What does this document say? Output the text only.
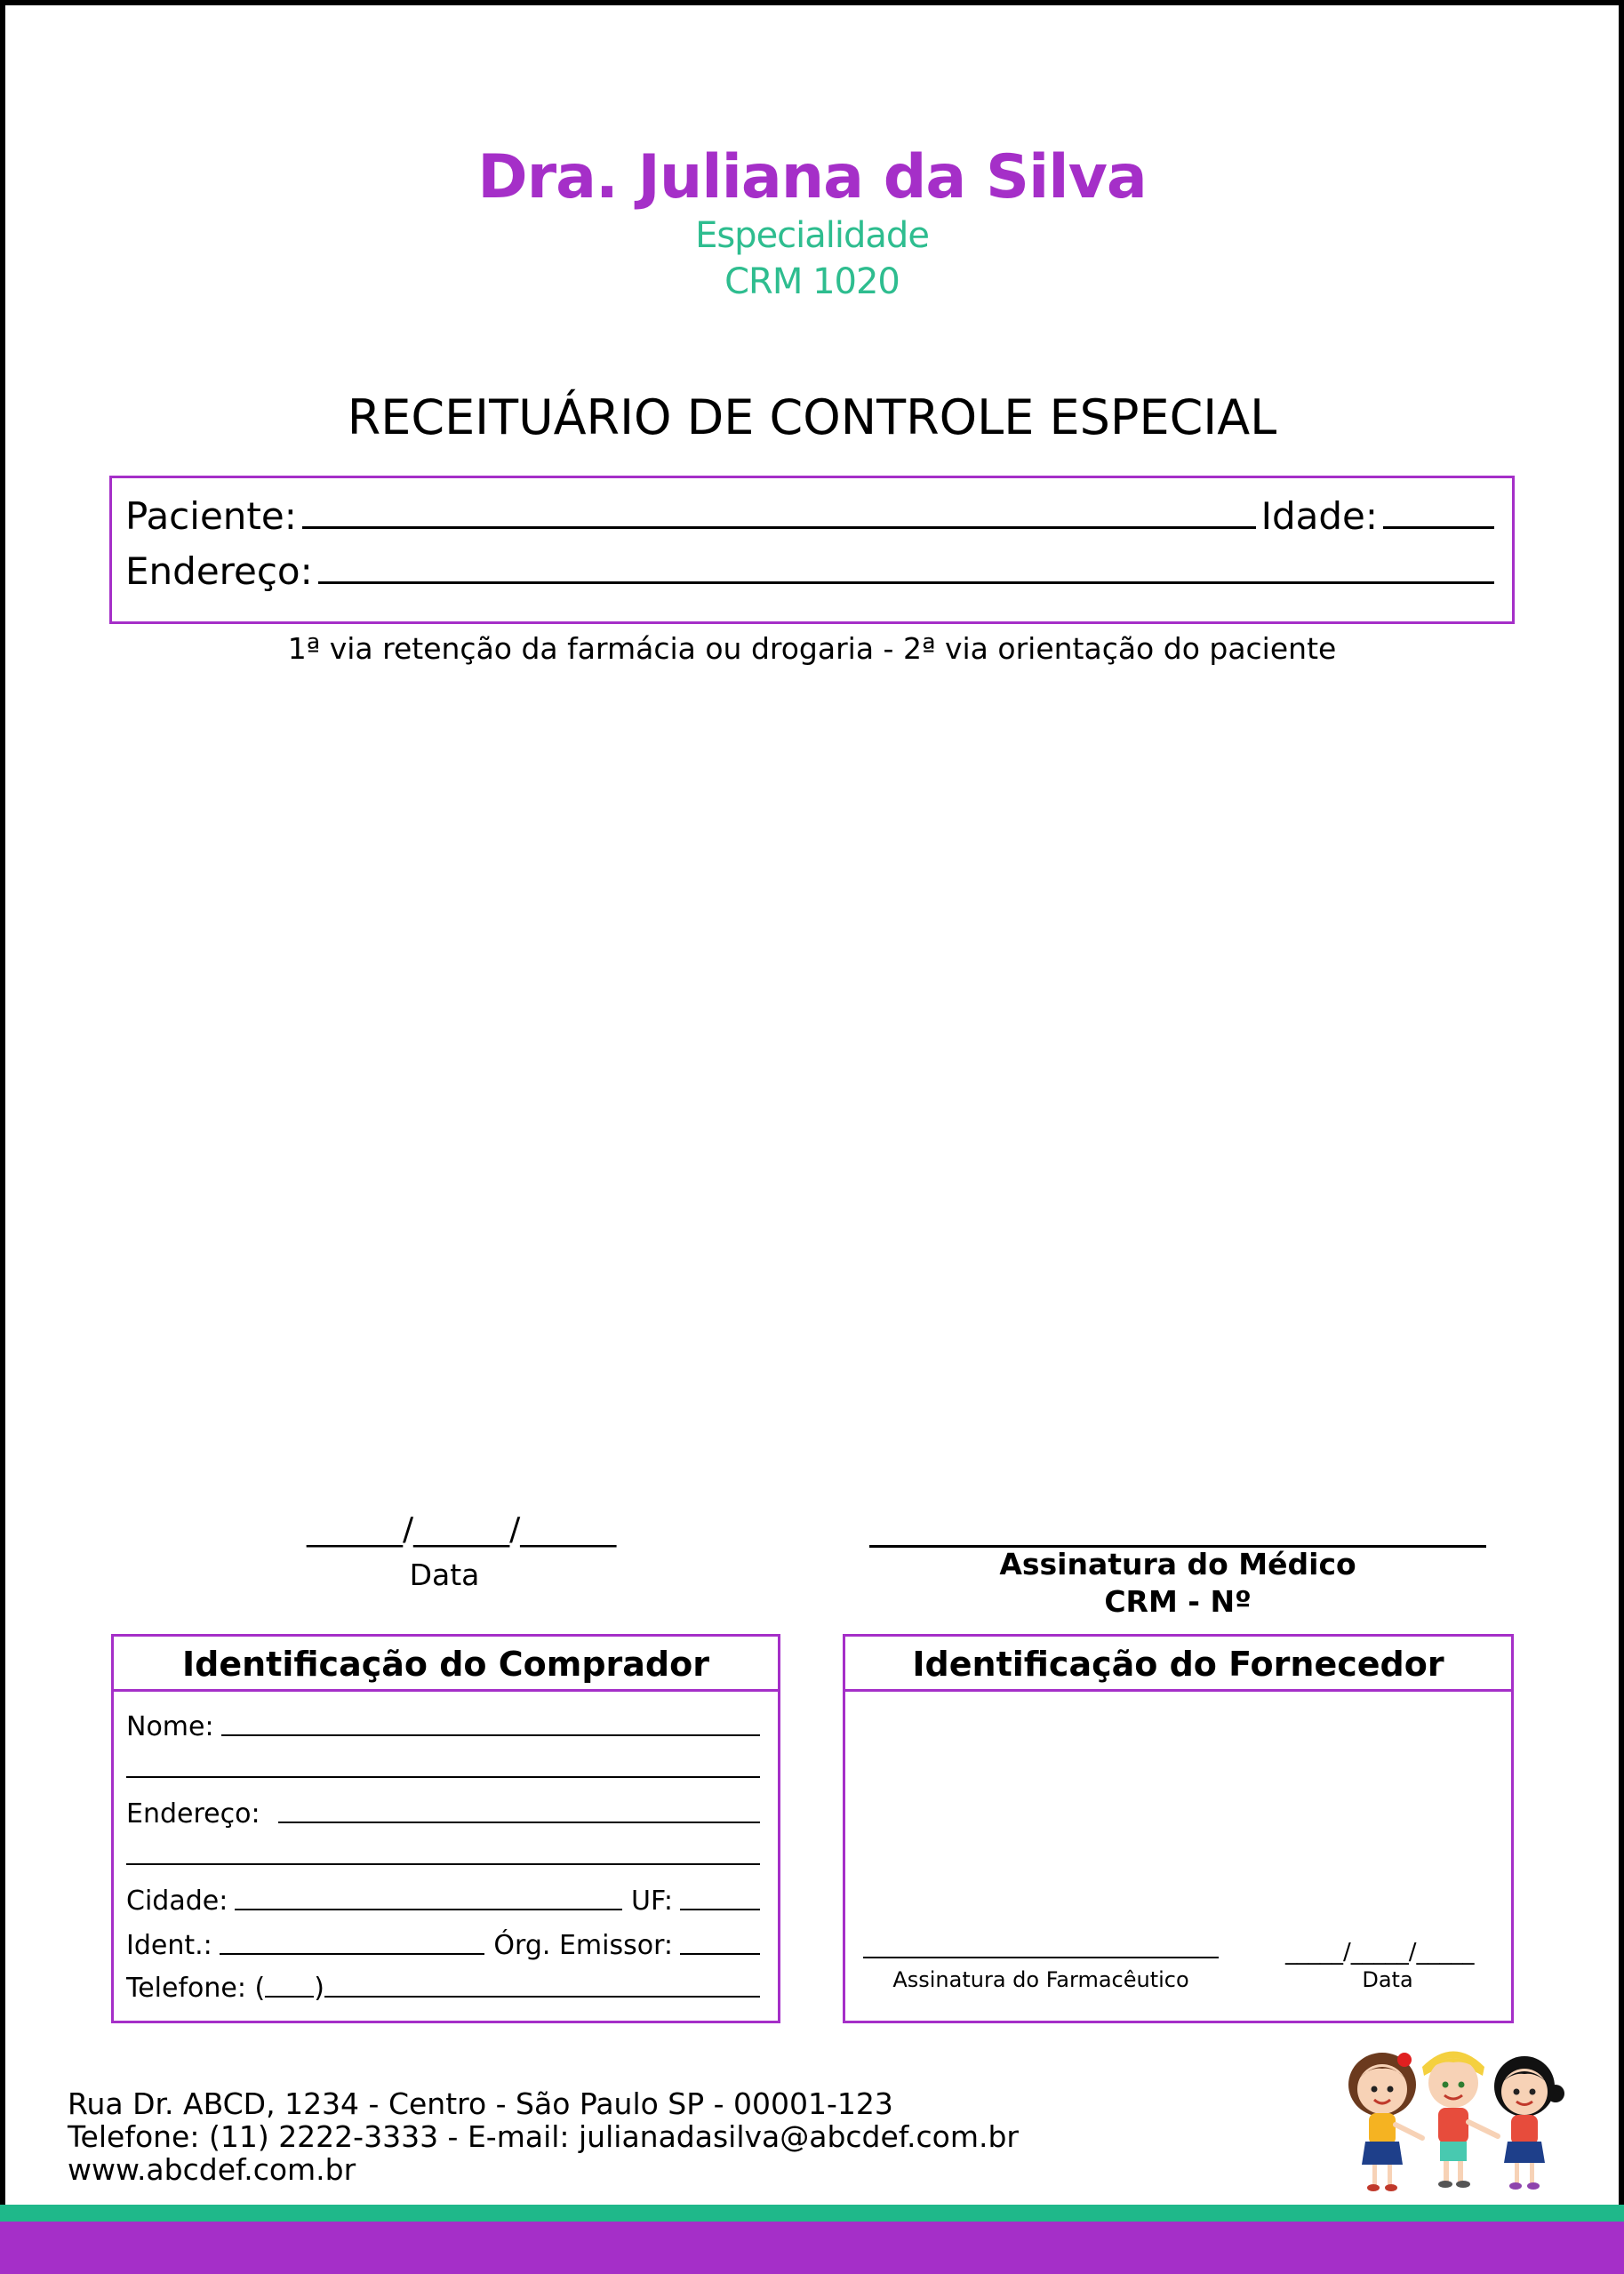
Dra. Juliana da Silva
Especialidade
CRM 1020
RECEITUÁRIO DE CONTROLE ESPECIAL
Paciente:	Idade:
Endereço:
1ª via retenção da farmácia ou drogaria - 2ª via orientação do paciente
______/______/______
Data	Assinatura do Médico
CRM - Nº
Identificação do Comprador
Nome:
Endereço:
Cidade:	UF:
Ident.:	Órg. Emissor:
Telefone: ( )
Identificação do Fornecedor
Assinatura do Farmacêutico
_____/_____/_____
Data
Rua Dr. ABCD, 1234 - Centro - São Paulo SP - 00001-123
Telefone: (11) 2222-3333 - E-mail: julianadasilva@abcdef.com.br
www.abcdef.com.br
